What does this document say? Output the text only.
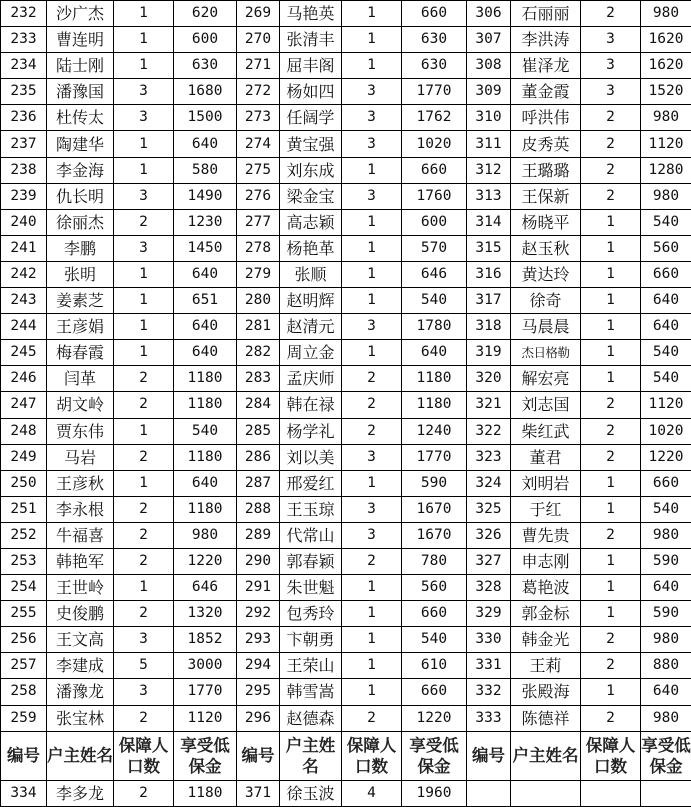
232	沙广杰	1	620	269	马艳英	1	660	306	石丽丽	2	980
233	曹连明	1	600	270	张清丰	1	630	307	李洪涛	3	1620
234	陆士刚	1	630	271	屈丰阁	1	630	308	崔泽龙	3	1620
235	潘豫国	3	1680	272	杨如四	3	1770	309	董金霞	3	1520
236	杜传太	3	1500	273	任阔学	3	1762	310	呼洪伟	2	980
237	陶建华	1	640	274	黄宝强	3	1020	311	皮秀英	2	1120
238	李金海	1	580	275	刘东成	1	660	312	王璐璐	2	1280
239	仇长明	3	1490	276	梁金宝	3	1760	313	王保新	2	980
240	徐丽杰	2	1230	277	高志颖	1	600	314	杨晓平	1	540
241	李鹏	3	1450	278	杨艳革	1	570	315	赵玉秋	1	560
242	张明	1	640	279	张顺	1	646	316	黄达玲	1	660
243	姜素芝	1	651	280	赵明辉	1	540	317	徐奇	1	640
244	王彦娟	1	640	281	赵清元	3	1780	318	马晨晨	1	640
245	梅春霞	1	640	282	周立金	1	640	319	杰日格勒	1	540
246	闫革	2	1180	283	孟庆师	2	1180	320	解宏亮	1	540
247	胡文岭	2	1180	284	韩在禄	2	1180	321	刘志国	2	1120
248	贾东伟	1	540	285	杨学礼	2	1240	322	柴红武	2	1020
249	马岩	2	1180	286	刘以美	3	1770	323	董君	2	1220
250	王彦秋	1	640	287	邢爱红	1	590	324	刘明岩	1	660
251	李永根	2	1180	288	王玉琼	3	1670	325	于红	1	540
252	牛福喜	2	980	289	代常山	3	1670	326	曹先贵	2	980
253	韩艳军	2	1220	290	郭春颖	2	780	327	申志刚	1	590
254	王世岭	1	646	291	朱世魁	1	560	328	葛艳波	1	640
255	史俊鹏	2	1320	292	包秀玲	1	660	329	郭金标	1	590
256	王文高	3	1852	293	卞朝勇	1	540	330	韩金光	2	980
257	李建成	5	3000	294	王荣山	1	610	331	王莉	2	880
258	潘豫龙	3	1770	295	韩雪嵩	1	660	332	张殿海	1	640
259	张宝林	2	1120	296	赵德森	2	1220	333	陈德祥	2	980
编号	户主姓名	保障人口数	享受低保金	编号	户主姓名	保障人口数	享受低保金	编号	户主姓名	保障人口数	享受低保金
334	李多龙	2	1180	371	徐玉波	4	1960				
